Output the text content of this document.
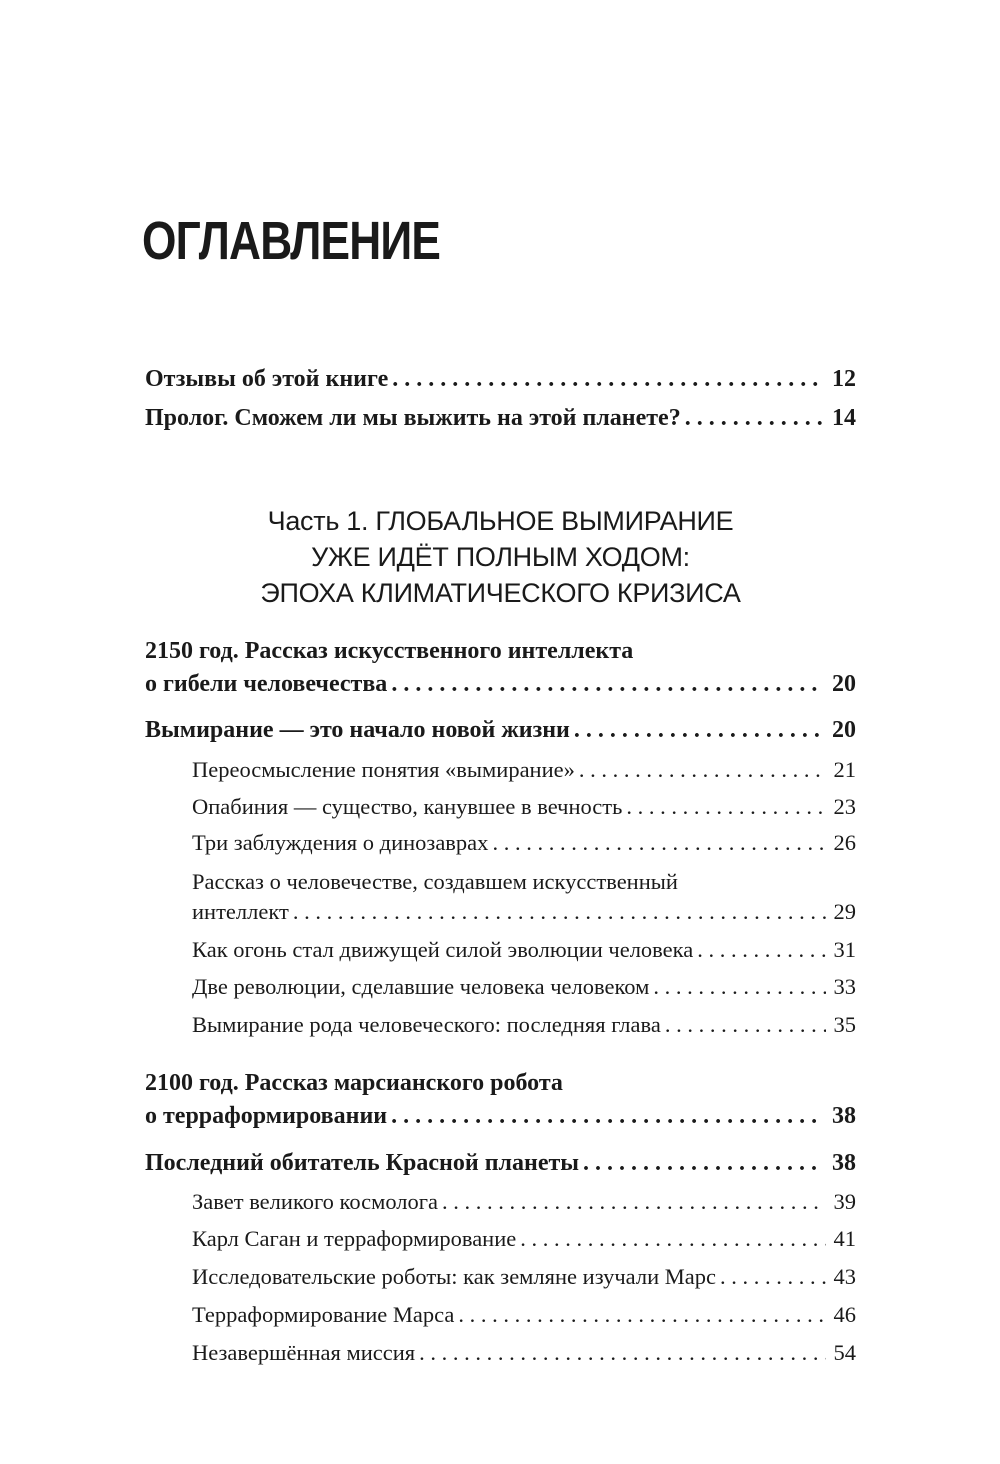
ОГЛАВЛЕНИЕ
Отзывы об этой книге . . .	12
Пролог. Сможем ли мы выжить на этой планете? . . .	14
Часть 1. ГЛОБАЛЬНОЕ ВЫМИРАНИЕ
УЖЕ ИДЁТ ПОЛНЫМ ХОДОМ:
ЭПОХА КЛИМАТИЧЕСКОГО КРИЗИСА
2150 год. Рассказ искусственного интеллекта
о гибели человечества . . .	20
Вымирание — это начало новой жизни . . .	20
Переосмысление понятия «вымирание» . . .	21
Опабиния — существо, канувшее в вечность . . .	23
Три заблуждения о динозаврах . . .	26
Рассказ о человечестве, создавшем искусственный
интеллект . . .	29
Как огонь стал движущей силой эволюции человека . . .	31
Две революции, сделавшие человека человеком . . .	33
Вымирание рода человеческого: последняя глава . . .	35
2100 год. Рассказ марсианского робота
о терраформировании . . .	38
Последний обитатель Красной планеты . . .	38
Завет великого космолога . . .	39
Карл Саган и терраформирование . . .	41
Исследовательские роботы: как земляне изучали Марс . . .	43
Терраформирование Марса . . .	46
Незавершённая миссия . . .	54
